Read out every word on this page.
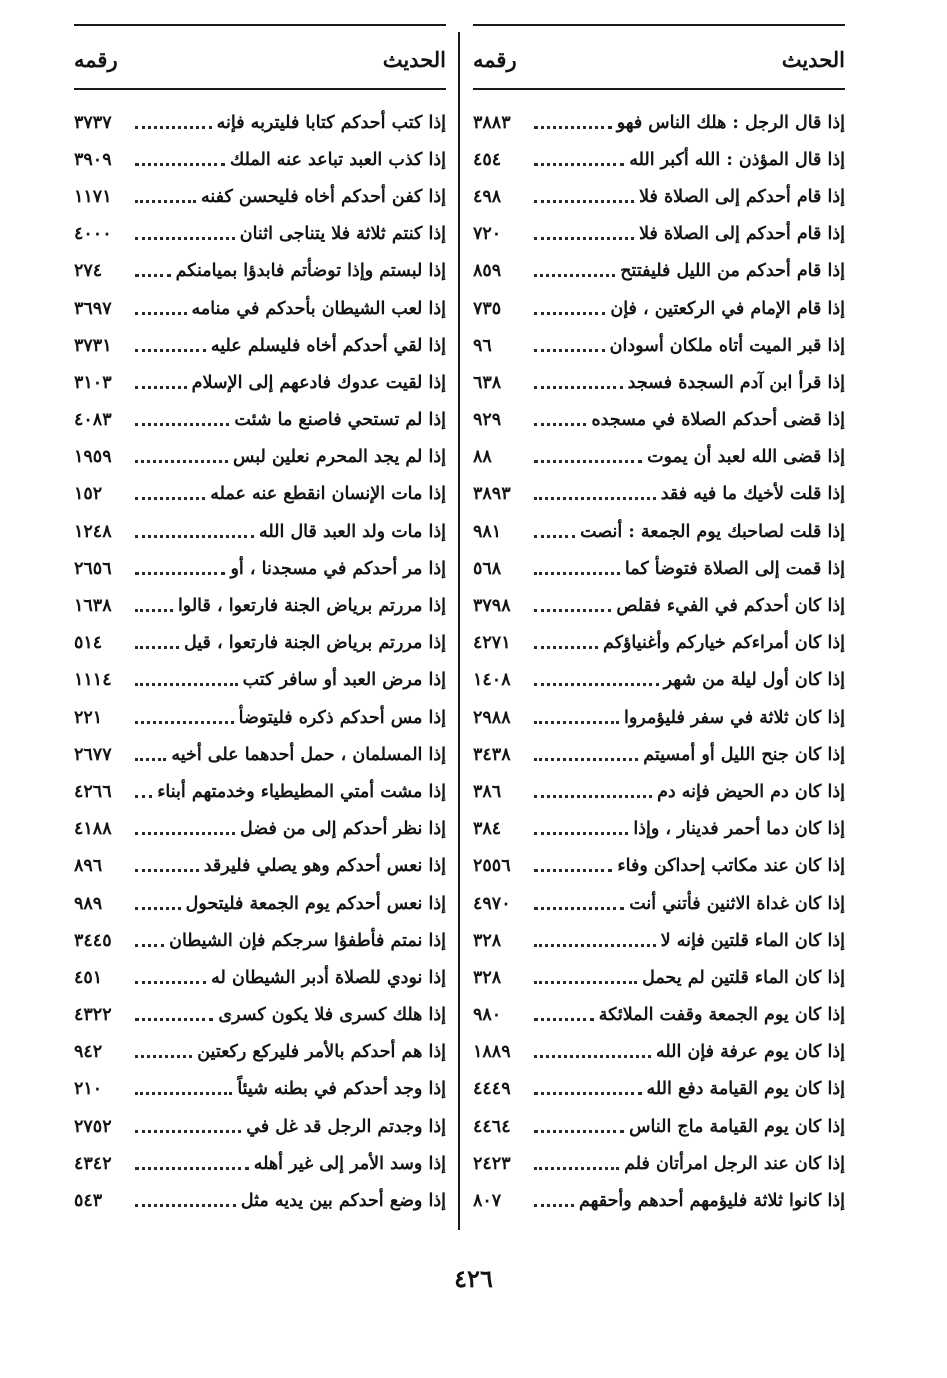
الحديث
رقمه
إذا قال الرجل : هلك الناس فهو
٣٨٨٣
إذا قال المؤذن : الله أكبر الله
٤٥٤
إذا قام أحدكم إلى الصلاة فلا
٤٩٨
إذا قام أحدكم إلى الصلاة فلا
٧٢٠
إذا قام أحدكم من الليل فليفتتح
٨٥٩
إذا قام الإمام في الركعتين ، فإن
٧٣٥
إذا قبر الميت أتاه ملكان أسودان
٩٦
إذا قرأ ابن آدم السجدة فسجد
٦٣٨
إذا قضى أحدكم الصلاة في مسجده
٩٢٩
إذا قضى الله لعبد أن يموت
٨٨
إذا قلت لأخيك ما فيه فقد
٣٨٩٣
إذا قلت لصاحبك يوم الجمعة : أنصت
٩٨١
إذا قمت إلى الصلاة فتوضأ كما
٥٦٨
إذا كان أحدكم في الفيء فقلص
٣٧٩٨
إذا كان أمراءكم خياركم وأغنياؤكم
٤٢٧١
إذا كان أول ليلة من شهر
١٤٠٨
إذا كان ثلاثة في سفر فليؤمروا
٢٩٨٨
إذا كان جنح الليل أو أمسيتم
٣٤٣٨
إذا كان دم الحيض فإنه دم
٣٨٦
إذا كان دما أحمر فدينار ، وإذا
٣٨٤
إذا كان عند مكاتب إحداكن وفاء
٢٥٥٦
إذا كان غداة الاثنين فأتني أنت
٤٩٧٠
إذا كان الماء قلتين فإنه لا
٣٢٨
إذا كان الماء قلتين لم يحمل
٣٢٨
إذا كان يوم الجمعة وقفت الملائكة
٩٨٠
إذا كان يوم عرفة فإن الله
١٨٨٩
إذا كان يوم القيامة دفع الله
٤٤٤٩
إذا كان يوم القيامة ماج الناس
٤٤٦٤
إذا كان عند الرجل امرأتان فلم
٢٤٢٣
إذا كانوا ثلاثة فليؤمهم أحدهم وأحقهم
٨٠٧
الحديث
رقمه
إذا كتب أحدكم كتابا فليتربه فإنه
٣٧٣٧
إذا كذب العبد تباعد عنه الملك
٣٩٠٩
إذا كفن أحدكم أخاه فليحسن كفنه
١١٧١
إذا كنتم ثلاثة فلا يتناجى اثنان
٤٠٠٠
إذا لبستم وإذا توضأتم فابدؤا بميامنكم
٢٧٤
إذا لعب الشيطان بأحدكم في منامه
٣٦٩٧
إذا لقي أحدكم أخاه فليسلم عليه
٣٧٣١
إذا لقيت عدوك فادعهم إلى الإسلام
٣١٠٣
إذا لم تستحي فاصنع ما شئت
٤٠٨٣
إذا لم يجد المحرم نعلين لبس
١٩٥٩
إذا مات الإنسان انقطع عنه عمله
١٥٢
إذا مات ولد العبد قال الله
١٢٤٨
إذا مر أحدكم في مسجدنا ، أو
٢٦٥٦
إذا مررتم برياض الجنة فارتعوا ، قالوا
١٦٣٨
إذا مررتم برياض الجنة فارتعوا ، قيل
٥١٤
إذا مرض العبد أو سافر كتب
١١١٤
إذا مس أحدكم ذكره فليتوضأ
٢٢١
إذا المسلمان ، حمل أحدهما على أخيه
٢٦٧٧
إذا مشت أمتي المطيطياء وخدمتهم أبناء
٤٢٦٦
إذا نظر أحدكم إلى من فضل
٤١٨٨
إذا نعس أحدكم وهو يصلي فليرقد
٨٩٦
إذا نعس أحدكم يوم الجمعة فليتحول
٩٨٩
إذا نمتم فأطفؤا سرجكم فإن الشيطان
٣٤٤٥
إذا نودي للصلاة أدبر الشيطان له
٤٥١
إذا هلك كسرى فلا يكون كسرى
٤٣٢٢
إذا هم أحدكم بالأمر فليركع ركعتين
٩٤٢
إذا وجد أحدكم في بطنه شيئاً
٢١٠
إذا وجدتم الرجل قد غل في
٢٧٥٢
إذا وسد الأمر إلى غير أهله
٤٣٤٢
إذا وضع أحدكم بين يديه مثل
٥٤٣
٤٢٦
